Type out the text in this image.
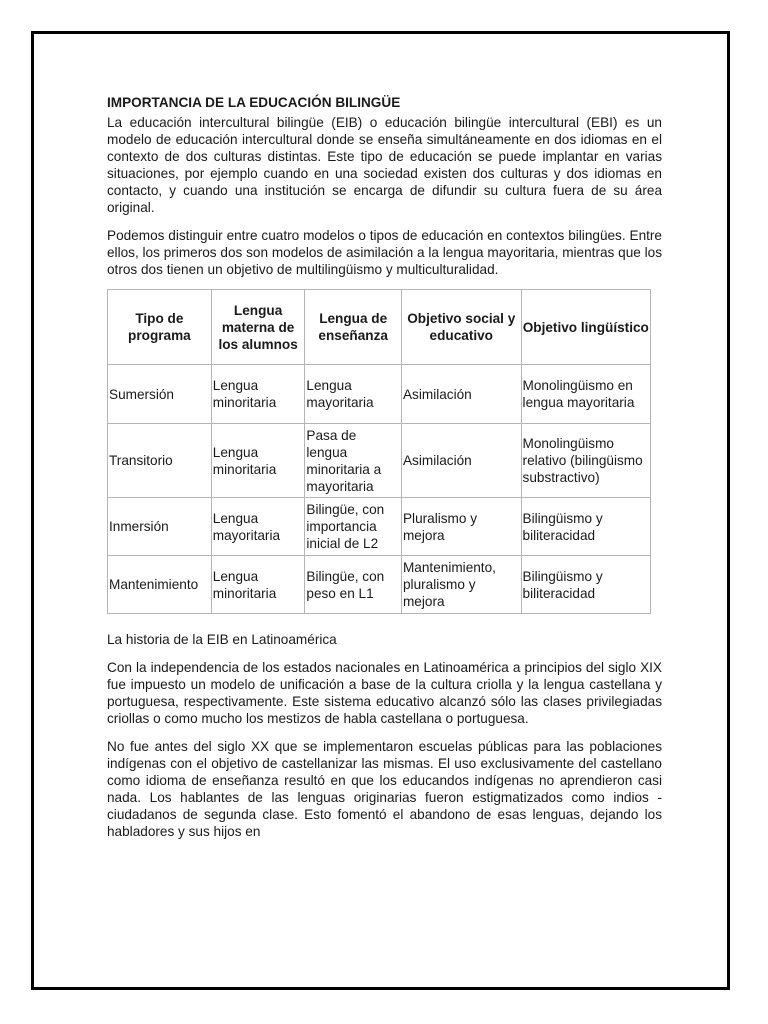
IMPORTANCIA DE LA EDUCACIÓN BILINGÜE

La educación intercultural bilingüe (EIB) o educación bilingüe intercultural (EBI) es un modelo de educación intercultural donde se enseña simultáneamente en dos idiomas en el contexto de dos culturas distintas. Este tipo de educación se puede implantar en varias situaciones, por ejemplo cuando en una sociedad existen dos culturas y dos idiomas en contacto, y cuando una institución se encarga de difundir su cultura fuera de su área original.

Podemos distinguir entre cuatro modelos o tipos de educación en contextos bilingües. Entre ellos, los primeros dos son modelos de asimilación a la lengua mayoritaria, mientras que los otros dos tienen un objetivo de multilingüismo y multiculturalidad.

Tipo de programa	Lengua materna de los alumnos	Lengua de enseñanza	Objetivo social y educativo	Objetivo lingüístico
Sumersión	Lengua minoritaria	Lengua mayoritaria	Asimilación	Monolingüismo en lengua mayoritaria
Transitorio	Lengua minoritaria	Pasa de lengua minoritaria a mayoritaria	Asimilación	Monolingüismo relativo (bilingüismo substractivo)
Inmersión	Lengua mayoritaria	Bilingüe, con importancia inicial de L2	Pluralismo y mejora	Bilingüismo y biliteracidad
Mantenimiento	Lengua minoritaria	Bilingüe, con peso en L1	Mantenimiento, pluralismo y mejora	Bilingüismo y biliteracidad

La historia de la EIB en Latinoamérica

Con la independencia de los estados nacionales en Latinoamérica a principios del siglo XIX fue impuesto un modelo de unificación a base de la cultura criolla y la lengua castellana y portuguesa, respectivamente. Este sistema educativo alcanzó sólo las clases privilegiadas criollas o como mucho los mestizos de habla castellana o portuguesa.

No fue antes del siglo XX que se implementaron escuelas públicas para las poblaciones indígenas con el objetivo de castellanizar las mismas. El uso exclusivamente del castellano como idioma de enseñanza resultó en que los educandos indígenas no aprendieron casi nada. Los hablantes de las lenguas originarias fueron estigmatizados como indios - ciudadanos de segunda clase. Esto fomentó el abandono de esas lenguas, dejando los habladores y sus hijos en
